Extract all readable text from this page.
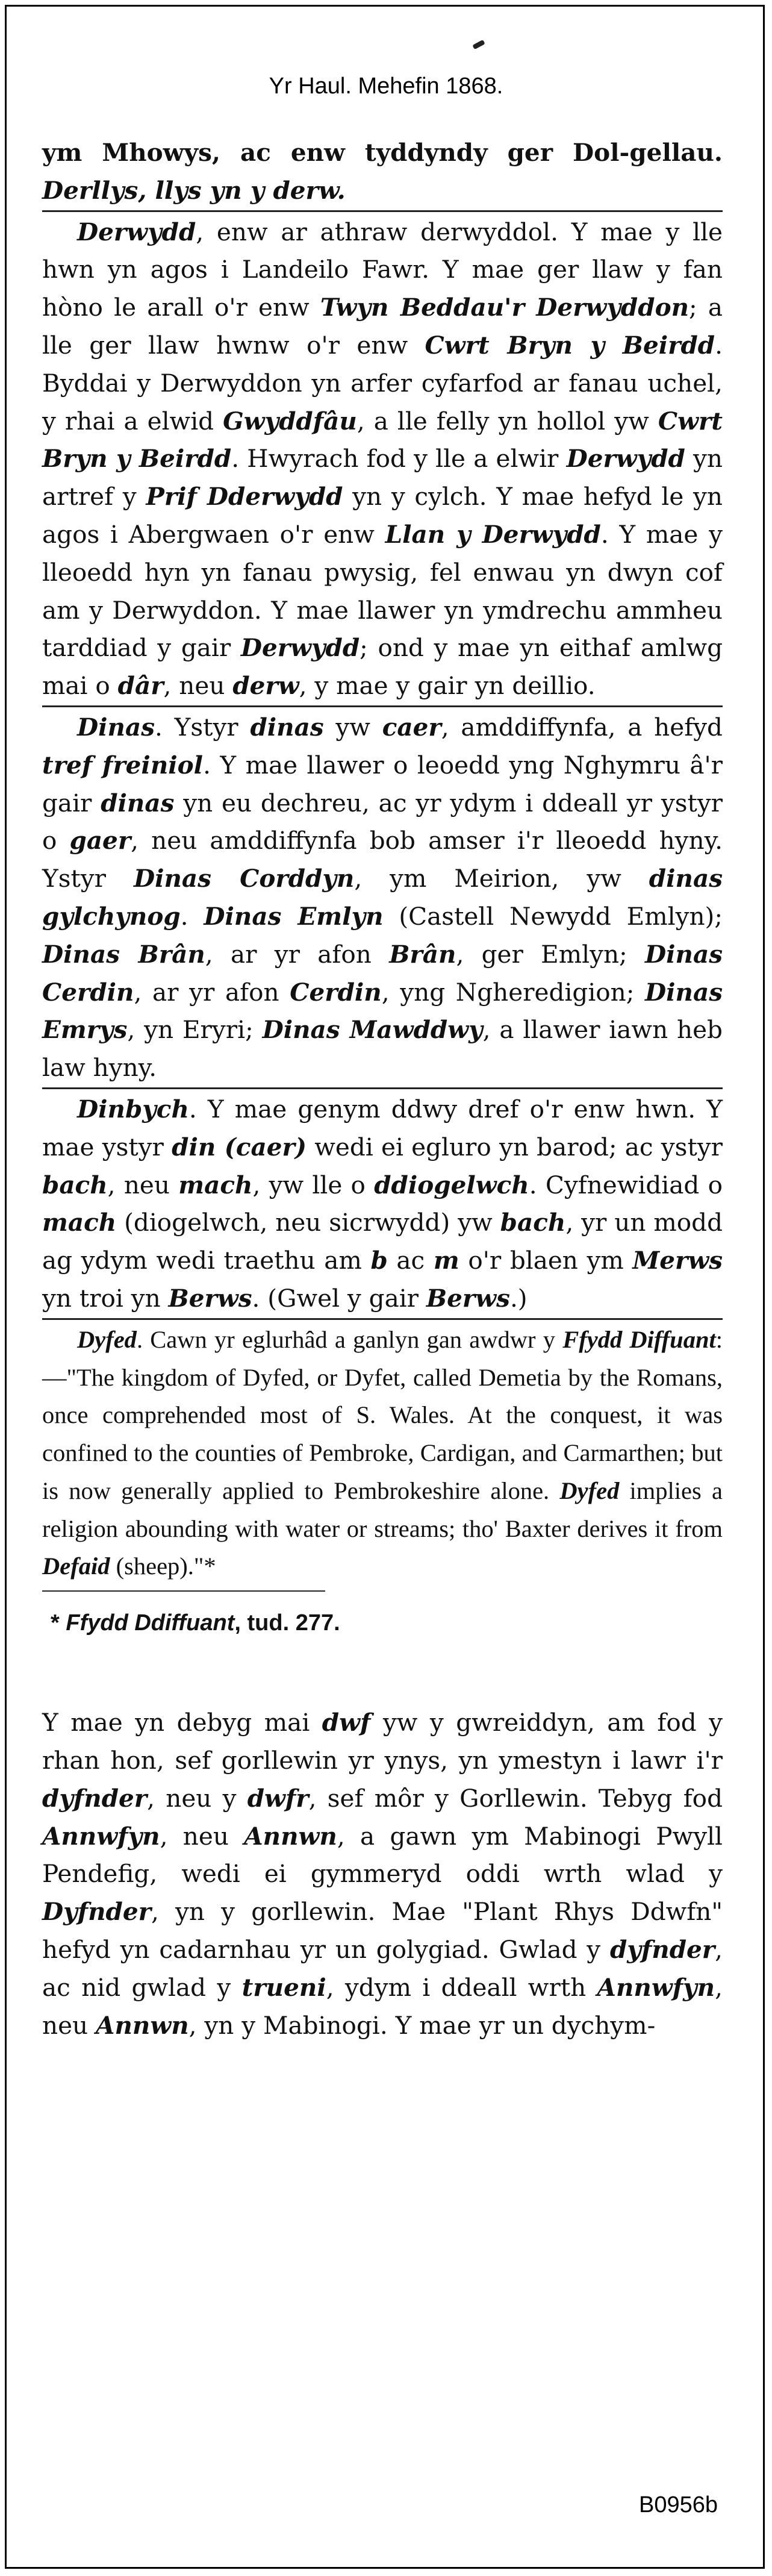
Yr Haul. Mehefin 1868.

ym Mhowys, ac enw tyddyndy ger Dol-gellau. Derllys, llys yn y derw.

Derwydd, enw ar athraw derwyddol. Y mae y lle hwn yn agos i Landeilo Fawr. Y mae ger llaw y fan hòno le arall o'r enw Twyn Beddau'r Derwyddon; a lle ger llaw hwnw o'r enw Cwrt Bryn y Beirdd. Byddai y Derwyddon yn arfer cyfarfod ar fanau uchel, y rhai a elwid Gwyddfâu, a lle felly yn hollol yw Cwrt Bryn y Beirdd. Hwyrach fod y lle a elwir Derwydd yn artref y Prif Dderwydd yn y cylch. Y mae hefyd le yn agos i Abergwaen o'r enw Llan y Derwydd. Y mae y lleoedd hyn yn fanau pwysig, fel enwau yn dwyn cof am y Derwyddon. Y mae llawer yn ymdrechu ammheu tarddiad y gair Derwydd; ond y mae yn eithaf amlwg mai o dâr, neu derw, y mae y gair yn deillio.

Dinas. Ystyr dinas yw caer, amddiffynfa, a hefyd tref freiniol. Y mae llawer o leoedd yng Nghymru â'r gair dinas yn eu dechreu, ac yr ydym i ddeall yr ystyr o gaer, neu amddiffynfa bob amser i'r lleoedd hyny. Ystyr Dinas Corddyn, ym Meirion, yw dinas gylchynog. Dinas Emlyn (Castell Newydd Emlyn); Dinas Brân, ar yr afon Brân, ger Emlyn; Dinas Cerdin, ar yr afon Cerdin, yng Ngheredigion; Dinas Emrys, yn Eryri; Dinas Mawddwy, a llawer iawn heb law hyny.

Dinbych. Y mae genym ddwy dref o'r enw hwn. Y mae ystyr din (caer) wedi ei egluro yn barod; ac ystyr bach, neu mach, yw lle o ddiogelwch. Cyfnewidiad o mach (diogelwch, neu sicrwydd) yw bach, yr un modd ag ydym wedi traethu am b ac m o'r blaen ym Merws yn troi yn Berws. (Gwel y gair Berws.)

Dyfed. Cawn yr eglurhâd a ganlyn gan awdwr y Ffydd Diffuant:—"The kingdom of Dyfed, or Dyfet, called Demetia by the Romans, once comprehended most of S. Wales. At the conquest, it was confined to the counties of Pembroke, Cardigan, and Carmarthen; but is now generally applied to Pembrokeshire alone. Dyfed implies a religion abounding with water or streams; tho' Baxter derives it from Defaid (sheep)."*

* Ffydd Ddiffuant, tud. 277.

Y mae yn debyg mai dwf yw y gwreiddyn, am fod y rhan hon, sef gorllewin yr ynys, yn ymestyn i lawr i'r dyfnder, neu y dwfr, sef môr y Gorllewin. Tebyg fod Annwfyn, neu Annwn, a gawn ym Mabinogi Pwyll Pendefig, wedi ei gymmeryd oddi wrth wlad y Dyfnder, yn y gorllewin. Mae "Plant Rhys Ddwfn" hefyd yn cadarnhau yr un golygiad. Gwlad y dyfnder, ac nid gwlad y trueni, ydym i ddeall wrth Annwfyn, neu Annwn, yn y Mabinogi. Y mae yr un dychym-

B0956b
